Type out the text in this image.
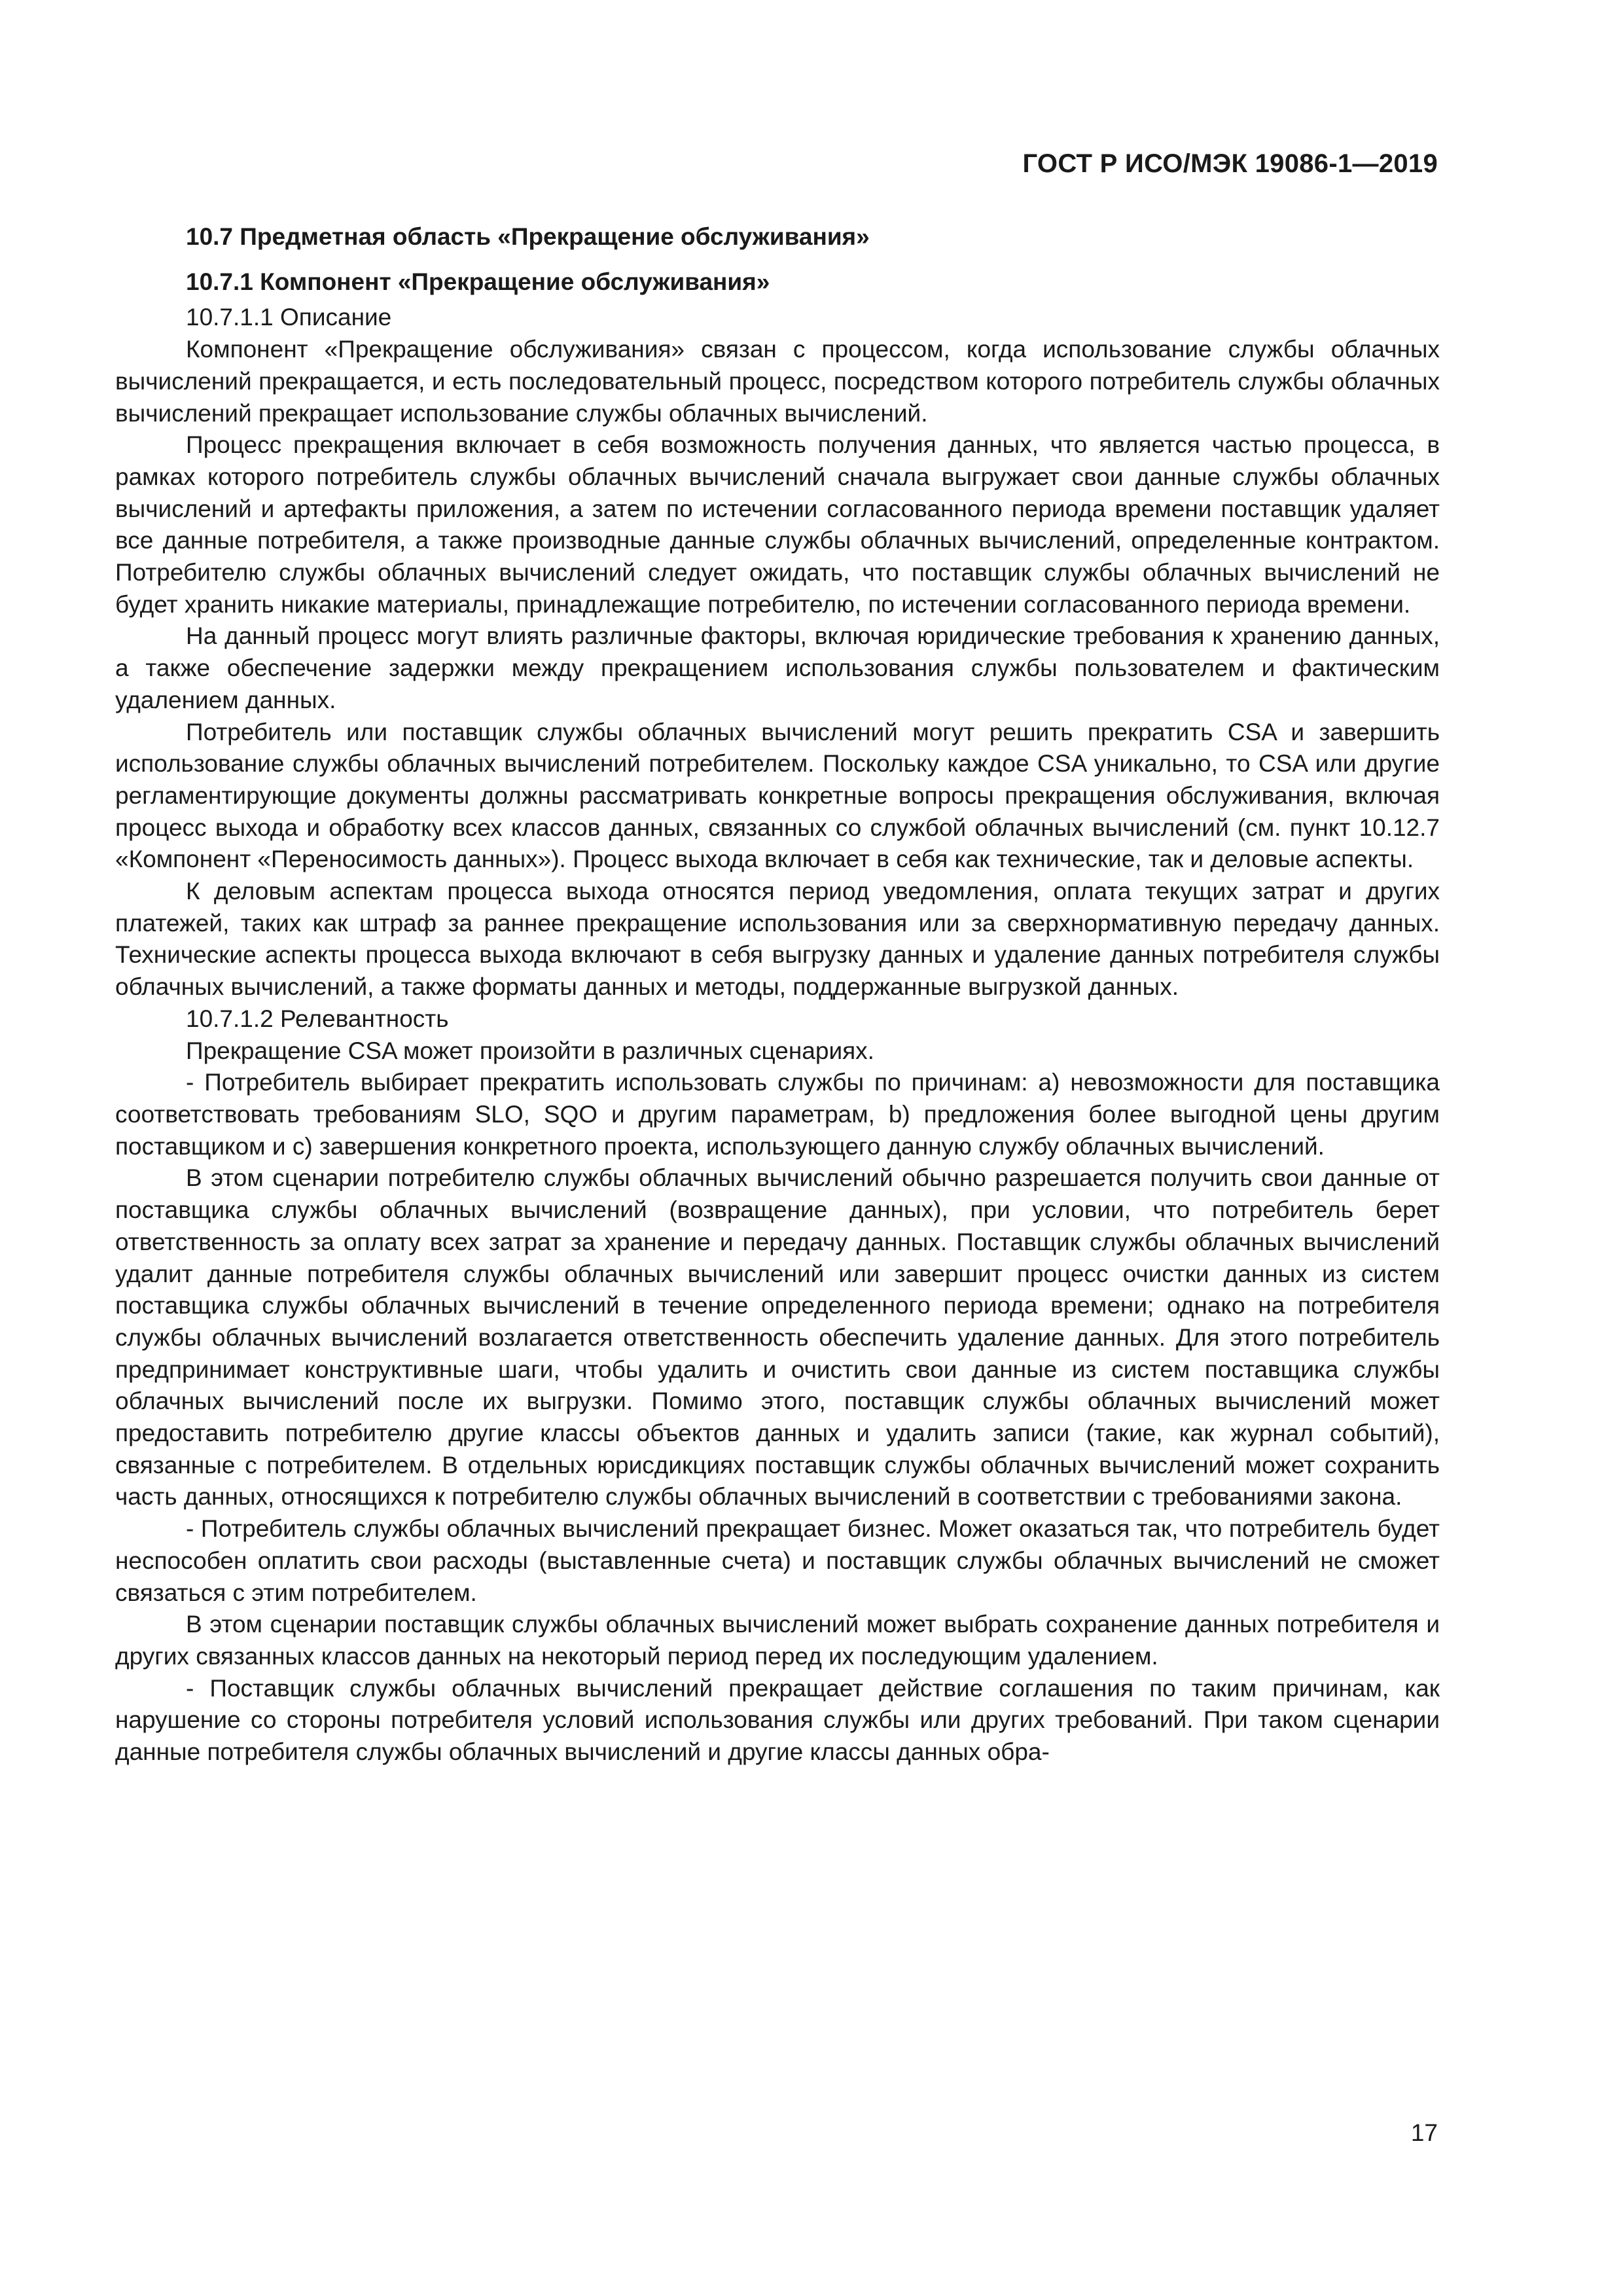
ГОСТ Р ИСО/МЭК 19086-1—2019
10.7 Предметная область «Прекращение обслуживания»
10.7.1 Компонент «Прекращение обслуживания»
10.7.1.1 Описание

Компонент «Прекращение обслуживания» связан с процессом, когда использование службы облачных вычислений прекращается, и есть последовательный процесс, посредством которого потребитель службы облачных вычислений прекращает использование службы облачных вычислений.

Процесс прекращения включает в себя возможность получения данных, что является частью процесса, в рамках которого потребитель службы облачных вычислений сначала выгружает свои данные службы облачных вычислений и артефакты приложения, а затем по истечении согласованного периода времени поставщик удаляет все данные потребителя, а также производные данные службы облачных вычислений, определенные контрактом. Потребителю службы облачных вычислений следует ожидать, что поставщик службы облачных вычислений не будет хранить никакие материалы, принадлежащие потребителю, по истечении согласованного периода времени.

На данный процесс могут влиять различные факторы, включая юридические требования к хранению данных, а также обеспечение задержки между прекращением использования службы пользователем и фактическим удалением данных.

Потребитель или поставщик службы облачных вычислений могут решить прекратить CSA и завершить использование службы облачных вычислений потребителем. Поскольку каждое CSA уникально, то CSA или другие регламентирующие документы должны рассматривать конкретные вопросы прекращения обслуживания, включая процесс выхода и обработку всех классов данных, связанных со службой облачных вычислений (см. пункт 10.12.7 «Компонент «Переносимость данных»). Процесс выхода включает в себя как технические, так и деловые аспекты.

К деловым аспектам процесса выхода относятся период уведомления, оплата текущих затрат и других платежей, таких как штраф за раннее прекращение использования или за сверхнормативную передачу данных. Технические аспекты процесса выхода включают в себя выгрузку данных и удаление данных потребителя службы облачных вычислений, а также форматы данных и методы, поддержанные выгрузкой данных.

10.7.1.2 Релевантность

Прекращение CSA может произойти в различных сценариях.

- Потребитель выбирает прекратить использовать службы по причинам: a) невозможности для поставщика соответствовать требованиям SLO, SQO и другим параметрам, b) предложения более выгодной цены другим поставщиком и c) завершения конкретного проекта, использующего данную службу облачных вычислений.

В этом сценарии потребителю службы облачных вычислений обычно разрешается получить свои данные от поставщика службы облачных вычислений (возвращение данных), при условии, что потребитель берет ответственность за оплату всех затрат за хранение и передачу данных. Поставщик службы облачных вычислений удалит данные потребителя службы облачных вычислений или завершит процесс очистки данных из систем поставщика службы облачных вычислений в течение определенного периода времени; однако на потребителя службы облачных вычислений возлагается ответственность обеспечить удаление данных. Для этого потребитель предпринимает конструктивные шаги, чтобы удалить и очистить свои данные из систем поставщика службы облачных вычислений после их выгрузки. Помимо этого, поставщик службы облачных вычислений может предоставить потребителю другие классы объектов данных и удалить записи (такие, как журнал событий), связанные с потребителем. В отдельных юрисдикциях поставщик службы облачных вычислений может сохранить часть данных, относящихся к потребителю службы облачных вычислений в соответствии с требованиями закона.

- Потребитель службы облачных вычислений прекращает бизнес. Может оказаться так, что потребитель будет неспособен оплатить свои расходы (выставленные счета) и поставщик службы облачных вычислений не сможет связаться с этим потребителем.

В этом сценарии поставщик службы облачных вычислений может выбрать сохранение данных потребителя и других связанных классов данных на некоторый период перед их последующим удалением.

- Поставщик службы облачных вычислений прекращает действие соглашения по таким причинам, как нарушение со стороны потребителя условий использования службы или других требований. При таком сценарии данные потребителя службы облачных вычислений и другие классы данных обра-

17
